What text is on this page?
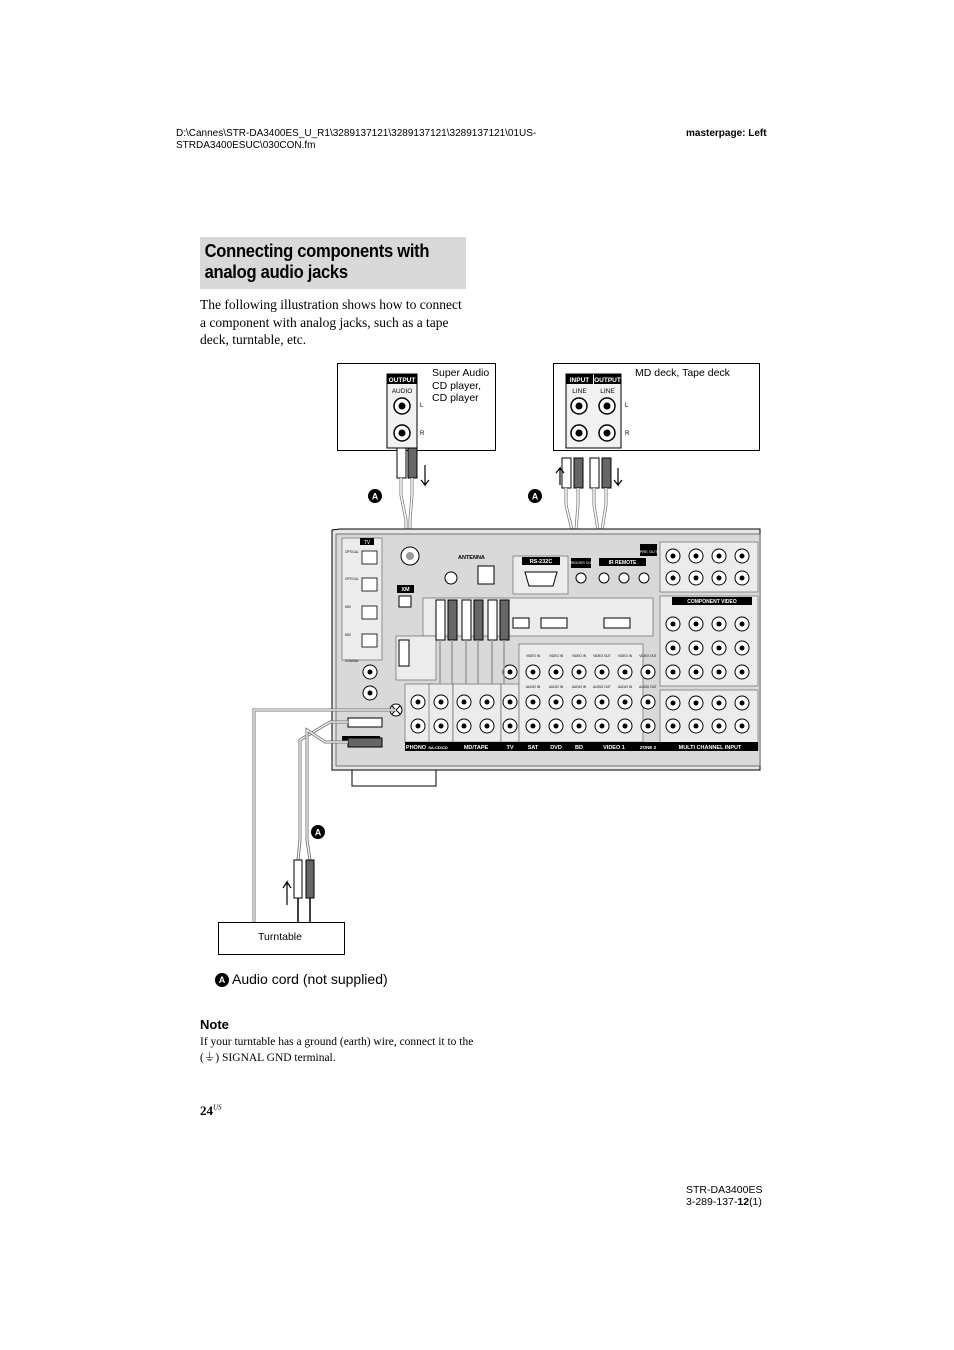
D:\Cannes\STR-DA3400ES_U_R1\3289137121\3289137121\3289137121\01US-STRDA3400ESUC\030CON.fm
masterpage: Left
Connecting components with analog audio jacks
The following illustration shows how to connect a component with analog jacks, such as a tape deck, turntable, etc.
OUTPUT
AUDIO
L
R
INPUT OUTPUT
LINE LINE
L
R
A	A
A
TV
OPTICAL
OPTICAL
MD/
MD/
COAXIAL
XM
ANTENNA
RS-232C	TRIGGER OUT	IR REMOTE
PRE OUT
COMPONENT VIDEO
PHONO SA-CD/CD	MD/TAPE	TV	SAT DVD BD	VIDEO 1	ZONE 2	MULTI CHANNEL INPUT
VIDEO IN	VIDEO IN	VIDEO IN VIDEO OUT VIDEO IN VIDEO OUT
AUDIO IN	AUDIO IN	AUDIO IN AUDIO OUT AUDIO IN AUDIO OUT
Super Audio CD player, CD player
MD deck, Tape deck
Turntable
A Audio cord (not supplied)
Note
If your turntable has a ground (earth) wire, connect it to the (⏚) SIGNAL GND terminal.
$24^{US}$
STR-DA3400ES
3-289-137-12(1)
